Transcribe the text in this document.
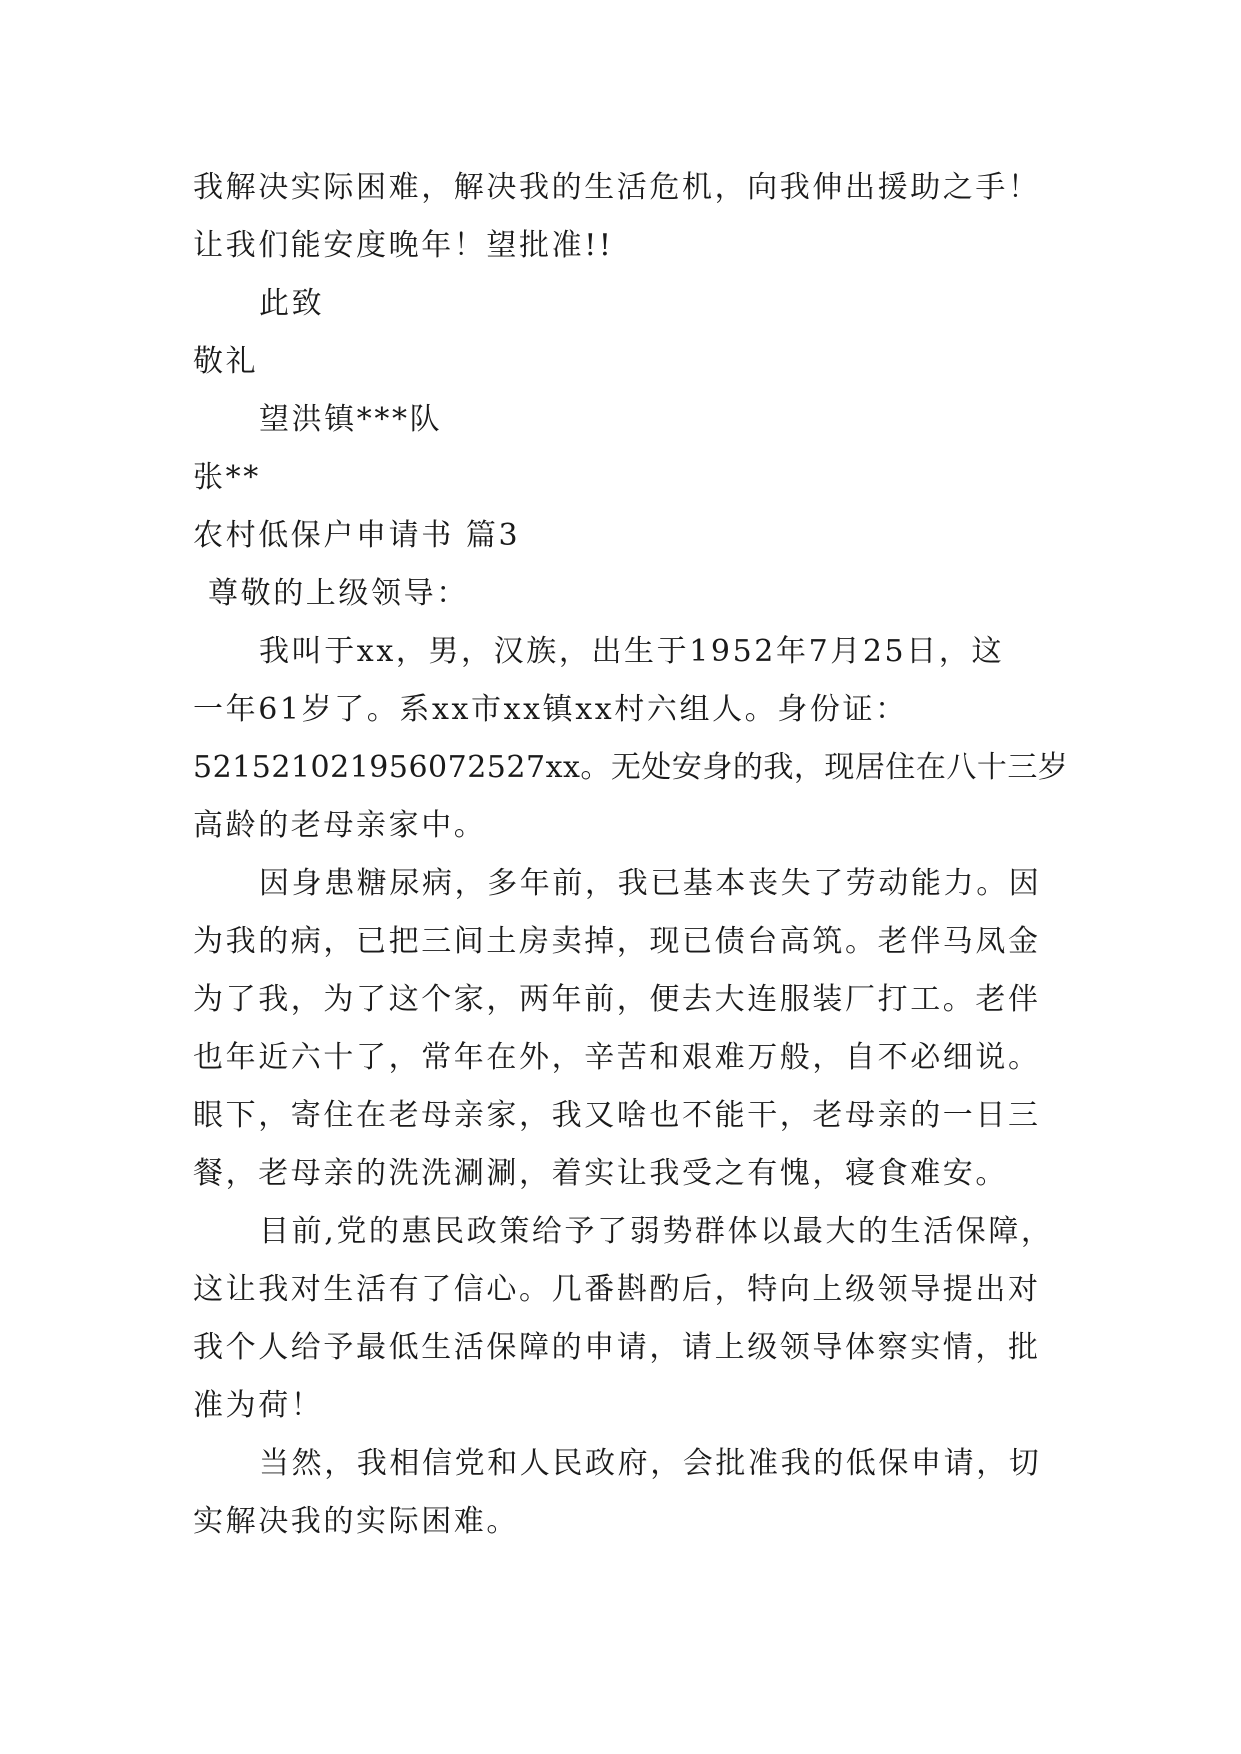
我解决实际困难，解决我的生活危机，向我伸出援助之手！
让我们能安度晚年！望批准!!
此致
敬礼
望洪镇***队
张**
农村低保户申请书 篇3
尊敬的上级领导：
我叫于xx，男，汉族，出生于1952年7月25日，这
一年61岁了。系xx市xx镇xx村六组人。身份证：
521521021956072527xx。无处安身的我，现居住在八十三岁
高龄的老母亲家中。
因身患糖尿病，多年前，我已基本丧失了劳动能力。因
为我的病，已把三间土房卖掉，现已债台高筑。老伴马凤金
为了我，为了这个家，两年前，便去大连服装厂打工。老伴
也年近六十了，常年在外，辛苦和艰难万般，自不必细说。
眼下，寄住在老母亲家，我又啥也不能干，老母亲的一日三
餐，老母亲的洗洗涮涮，着实让我受之有愧，寝食难安。
目前,党的惠民政策给予了弱势群体以最大的生活保障，
这让我对生活有了信心。几番斟酌后，特向上级领导提出对
我个人给予最低生活保障的申请，请上级领导体察实情，批
准为荷！
当然，我相信党和人民政府，会批准我的低保申请，切
实解决我的实际困难。
